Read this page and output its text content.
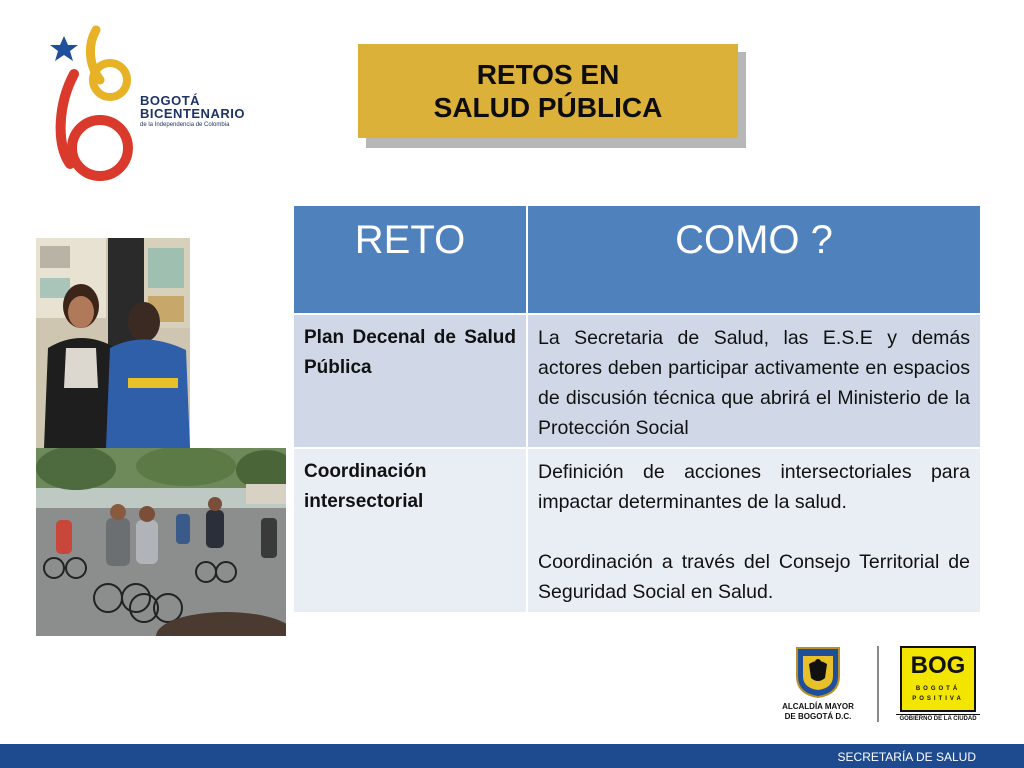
BOGOTÁ
BICENTENARIO
de la Independencia de Colombia
RETOS EN
SALUD PÚBLICA
RETO	COMO ?
Plan Decenal de Salud Pública

La Secretaria de Salud, las E.S.E y demás actores deben participar activamente en espacios de discusión técnica que abrirá el Ministerio de la Protección Social

Coordinación intersectorial

Definición de acciones intersectoriales para impactar determinantes de la salud.

Coordinación a través del Consejo Territorial de Seguridad Social en Salud.

ALCALDÍA MAYOR
DE BOGOTÁ D.C.
BOG
BOGOTÁ
POSITIVA
GOBIERNO DE LA CIUDAD
SECRETARÍA DE SALUD
